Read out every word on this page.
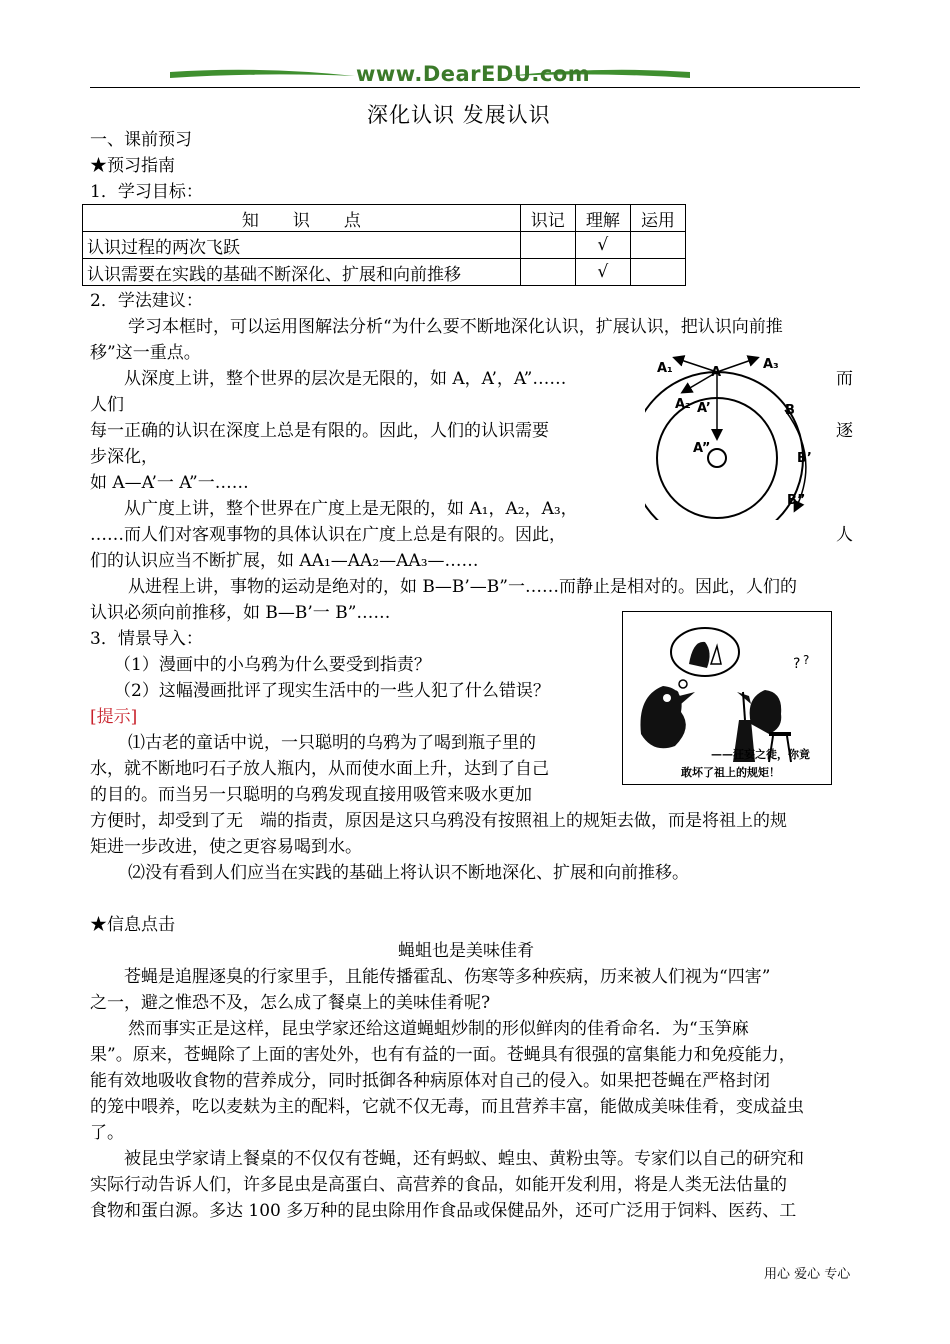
www.DearEDU.com
深化认识 发展认识
一、课前预习
★预习指南
1．学习目标：
知　　识　　点	识记	理解	运用
认识过程的两次飞跃		√	
认识需要在实践的基础不断深化、扩展和向前推移		√	
2．学法建议：
学习本框时，可以运用图解法分析“为什么要不断地深化认识，扩展认识，把认识向前推
移”这一重点。
从深度上讲，整个世界的层次是无限的，如 A，A’，A”……	而
人们
每一正确的认识在深度上总是有限的。因此，人们的认识需要	逐
步深化，
如 A—A’一 A”一……
从广度上讲，整个世界在广度上是无限的，如 A₁，A₂，A₃，
……而人们对客观事物的具体认识在广度上总是有限的。因此，	人
们的认识应当不断扩展，如 AA₁—AA₂—AA₃—……
从进程上讲，事物的运动是绝对的，如 B—B’—B”一……而静止是相对的。因此，人们的
认识必须向前推移，如 B—B’一 B”……
A₁	A
A₃
A₂ A’
A”
B
B’
B”
3．情景导入：
（1）漫画中的小乌鸦为什么要受到指责？
（2）这幅漫画批评了现实生活中的一些人犯了什么错误？
[提示]
? ?
——狂妄之徒，你竟
敢坏了祖上的规矩！
⑴古老的童话中说，一只聪明的乌鸦为了喝到瓶子里的
水，就不断地叼石子放人瓶内，从而使水面上升，达到了自己
的目的。而当另一只聪明的乌鸦发现直接用吸管来吸水更加
方便时，却受到了无　端的指责，原因是这只乌鸦没有按照祖上的规矩去做，而是将祖上的规
矩进一步改进，使之更容易喝到水。
⑵没有看到人们应当在实践的基础上将认识不断地深化、扩展和向前推移。
★信息点击
蝇蛆也是美味佳肴
苍蝇是追腥逐臭的行家里手，且能传播霍乱、伤寒等多种疾病，历来被人们视为“四害”
之一，避之惟恐不及，怎么成了餐桌上的美味佳肴呢?
然而事实正是这样，昆虫学家还给这道蝇蛆炒制的形似鲜肉的佳肴命名．为“玉笋麻
果”。原来，苍蝇除了上面的害处外，也有有益的一面。苍蝇具有很强的富集能力和免疫能力，
能有效地吸收食物的营养成分，同时抵御各种病原体对自己的侵入。如果把苍蝇在严格封闭
的笼中喂养，吃以麦麸为主的配料，它就不仅无毒，而且营养丰富，能做成美味佳肴，变成益虫
了。
被昆虫学家请上餐桌的不仅仅有苍蝇，还有蚂蚁、蝗虫、黄粉虫等。专家们以自己的研究和
实际行动告诉人们，许多昆虫是高蛋白、高营养的食品，如能开发利用，将是人类无法估量的
食物和蛋白源。多达 100 多万种的昆虫除用作食品或保健品外，还可广泛用于饲料、医药、工
用心 爱心 专心
